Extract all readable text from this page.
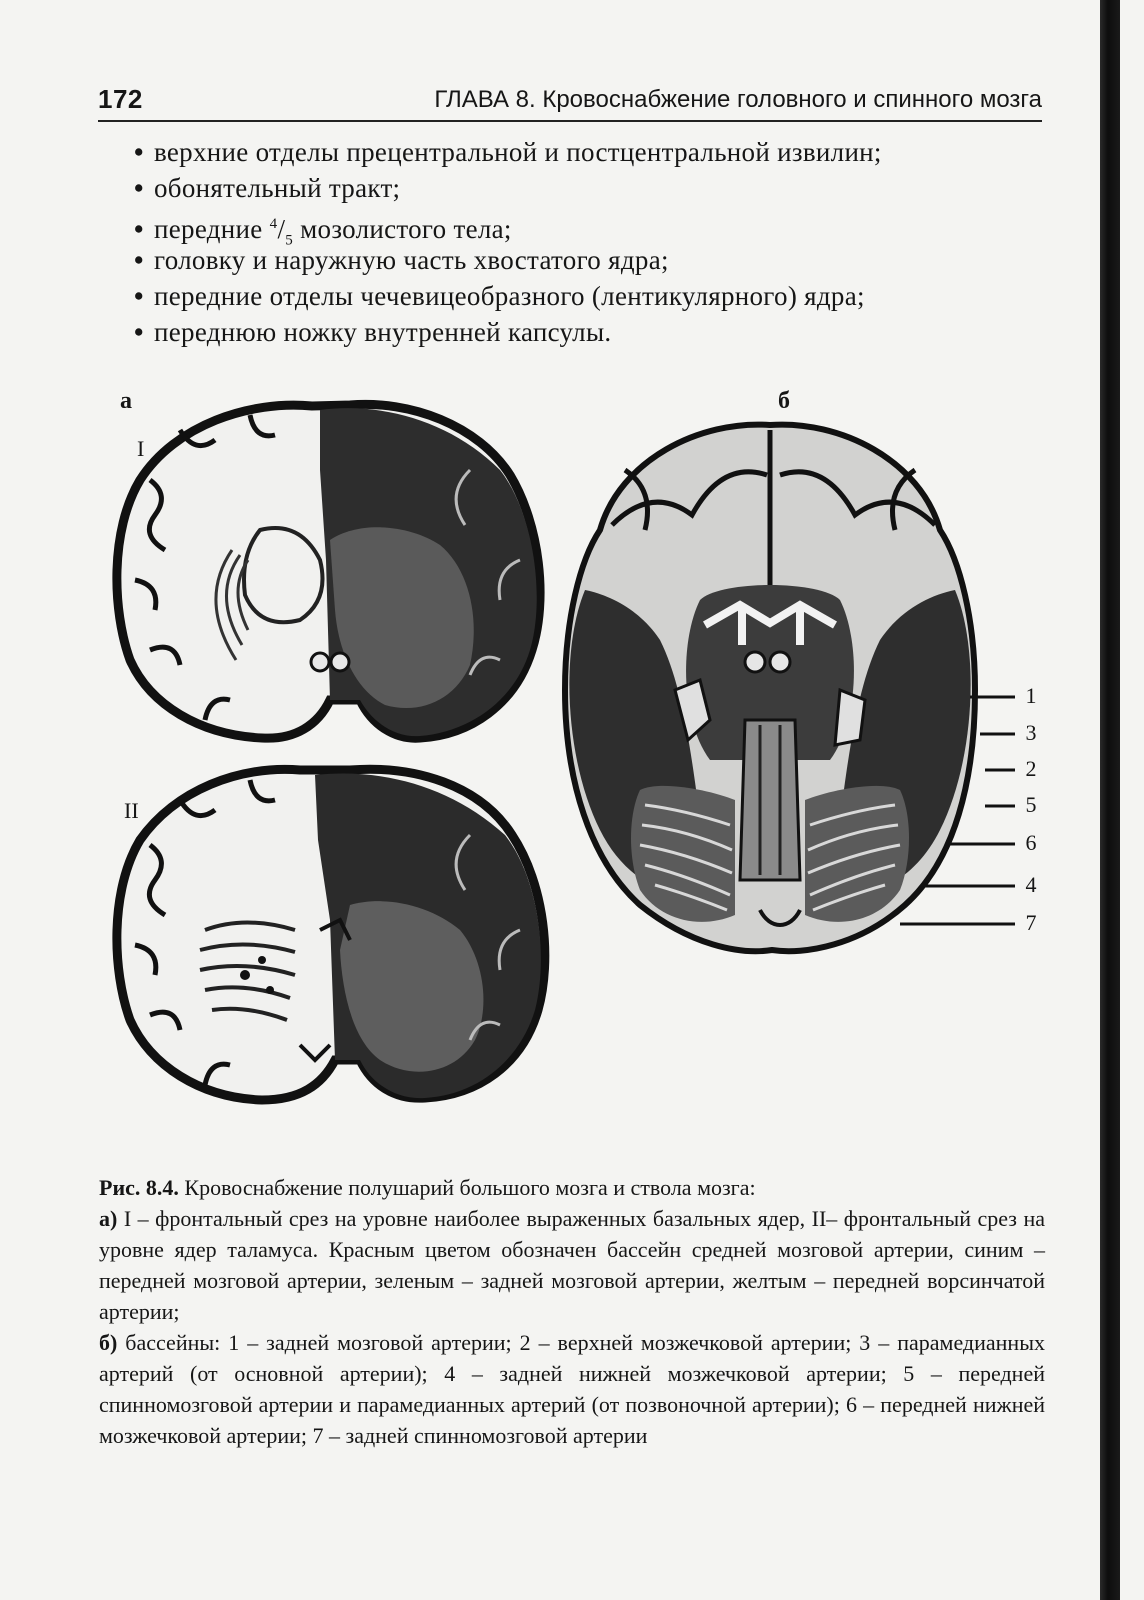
172	ГЛАВА 8. Кровоснабжение головного и спинного мозга
• верхние отделы прецентральной и постцентральной извилин;
• обонятельный тракт;
• передние $^4/_5$ мозолистого тела;
• головку и наружную часть хвостатого ядра;
• передние отделы чечевицеобразного (лентикулярного) ядра;
• переднюю ножку внутренней капсулы.
а	б
I
II
1
3
2
5
6
4
7

Рис. 8.4. Кровоснабжение полушарий большого мозга и ствола мозга:

а) I – фронтальный срез на уровне наиболее выраженных базальных ядер, II– фронтальный срез на уровне ядер таламуса. Красным цветом обозначен бассейн средней мозговой артерии, синим – передней мозговой артерии, зеленым – задней мозговой артерии, желтым – передней ворсинчатой артерии;

б) бассейны: 1 – задней мозговой артерии; 2 – верхней мозжечковой артерии; 3 – парамедианных артерий (от основной артерии); 4 – задней нижней мозжечковой артерии; 5 – передней спинномозговой артерии и парамедианных артерий (от позвоночной артерии); 6 – передней нижней мозжечковой артерии; 7 – задней спинномозговой артерии
